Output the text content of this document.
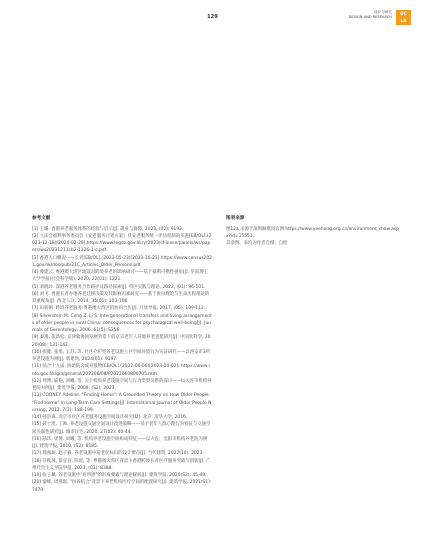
129
设计与研究
DESIGN AND RESEARCH
DC
LA
参考文献
[1] 王璐. 香港养老服务体系的经验与启示[J]. 就业与保障, 2023, (02): 9193.
[2] 立法会福利事务委员会《安老服务计划方案》及安老服务统一评估机制的实施[EB/OL].(2023-12-18)[2024-02-29].https://www.legco.gov.hk/yr2023/chinese/panels/ws/papers/ws20231211cb2-1126-1-c.pdf.
[3] 香港人口概况——长者[EB/OL].(2023-05-23)[2023-10-21].https://www.census2021.gov.hk/doc/pub/21C_Articles_Older_Persons.pdf.
[4] 曹建云. 粤港澳大湾区建设对跨境养老的影响研究——基于福利可携性视角[J]. 华南理工大学学报(社会科学版), 2020, 22(01): 1221.
[5] 刘晓玲. 深港养老服务合作路径及路径探索[J]. 特区实践与理论, 2022, (01): 96-101.
[6] 刘飞. 香港长者办地养老迁移决策及其影响因素研究——基于推拉理论与生命历程理论的双重视角[J]. 西北人口, 2014, 35(01): 103-108.
[7] 田新朝. 跨境养老服务:粤港澳大湾区的协同合作[J]. 开放导报, 2017, (05): 109-112.
[8] Silverstein M, Cong Z, Li S. Intergenerational transfers and living arrangements of older people in rural China: consequences for psychological well-being[J]. Journals of Gerontology, 2006, 61(5): S256.
[9] 秦翔, 张新松. 京津冀协同发展背景下的京京老年人异地养老意愿研究[J]. 中国软科学, 2020(08): 131-142.
[10] 张健, 张勇, 王苏, 等. 社区介护型养老设施公共空间环境行为实证研究——以西安市3所养老设施为例[J]. 新建筑, 2024(01): 9197.
[11] 法合十九届. 协助院舍或对接物[EB/OL].(2022-06-06)[2023-10-02]. https://www.info.gov.hk/gia/general/202206/08/P2022060800705.htm.
[12] 周博, 陆艳, 刘曦, 等. 关于机构养老设施空间与行为类型关系的探讨——以大连市机构养老院为例[J]. 建筑学报, 2009, (S2): 2023.
[13] COONEY Adeline. "Finding Home": A Grounded Theory on How Older People "Find Home" in Long-Term Care Settings[J]. International Journal of Older People Nursing, 2012, 7(3): 188-199.
[14] 孙浩珠. 北京市社区养老服务设施空间设计研究[D]. 北京: 清华大学, 2016.
[15] 聂士凯, 丁帅. 养老设施交通空间设计改进策略——基于老年人群心理行为特征与交通空间关联性研究[J]. 城市住宅, 2020, 27(02): 40-44.
[16] 陆玮, 周博, 刘曦, 等. 机构养老设施空间构成特征——以大连、沈阳市机构养老院为例[J]. 建筑学报, 2010, (S2): 8185.
[17] 周燕珉, 赵子毅. 养老设施中适老化标识的设计要点[J]. 当代建筑, 2022(10): 2023.
[18] 符秋凤, 蔡宜君, 陈瑶, 等. 粤港澳大湾区背景下香港跨境长者医疗服务突破与创新[J]. 广州社会主义学院学报, 2023, (03): 8388.
[19] 张子珮. 养老设施中"居所感"的形成要素与理论解析[J]. 建筑学报, 2020(S2): 45-49.
[20] 秦峰, 周燕珉. "医养结合"背景下养老机构医疗空间的配置研究[J]. 建筑学报, 2021(S1): 7479.
图表来源
图12a 来源于深圳颐康园官网 https://www.yeehong.org.cn/environment_show.aspx?id=15551;
其余图、表均为作者自摄、自绘
